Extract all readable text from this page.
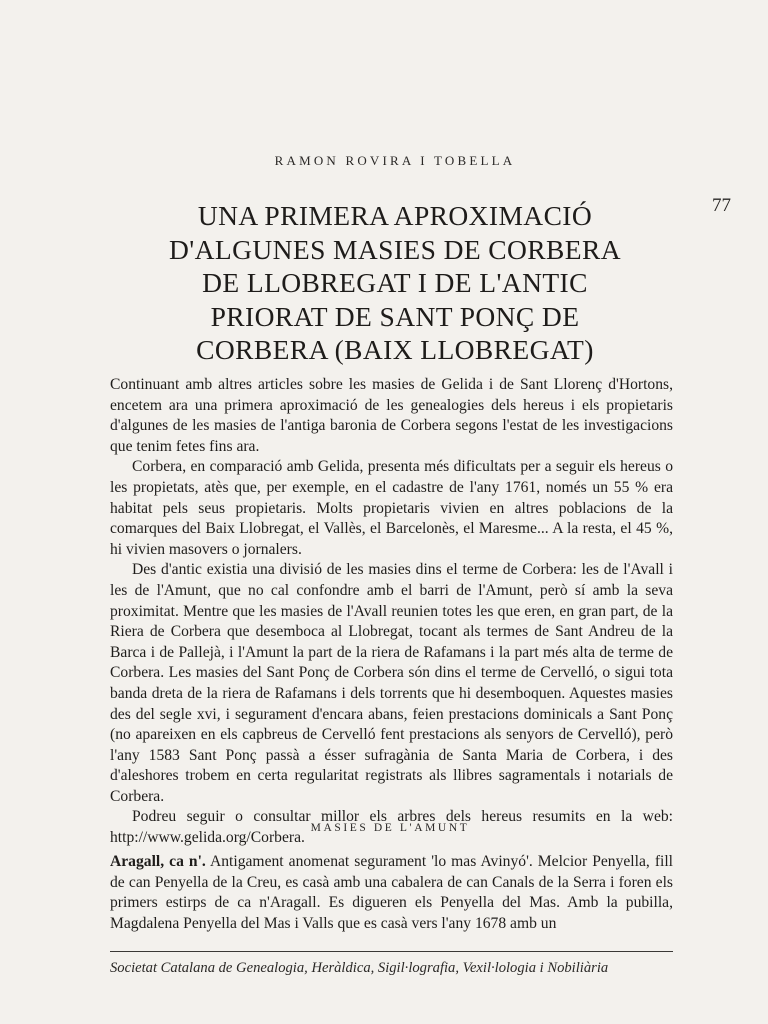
RAMON ROVIRA I TOBELLA
77
UNA PRIMERA APROXIMACIÓ
D'ALGUNES MASIES DE CORBERA
DE LLOBREGAT I DE L'ANTIC
PRIORAT DE SANT PONÇ DE
CORBERA (BAIX LLOBREGAT)

Continuant amb altres articles sobre les masies de Gelida i de Sant Llorenç d'Hortons, encetem ara una primera aproximació de les genealogies dels hereus i els propietaris d'algunes de les masies de l'antiga baronia de Corbera segons l'estat de les investigacions que tenim fetes fins ara.

Corbera, en comparació amb Gelida, presenta més dificultats per a seguir els hereus o les propietats, atès que, per exemple, en el cadastre de l'any 1761, només un 55 % era habitat pels seus propietaris. Molts propietaris vivien en altres poblacions de la comarques del Baix Llobregat, el Vallès, el Barcelonès, el Maresme... A la resta, el 45 %, hi vivien masovers o jornalers.

Des d'antic existia una divisió de les masies dins el terme de Corbera: les de l'Avall i les de l'Amunt, que no cal confondre amb el barri de l'Amunt, però sí amb la seva proximitat. Mentre que les masies de l'Avall reunien totes les que eren, en gran part, de la Riera de Corbera que desemboca al Llobregat, tocant als termes de Sant Andreu de la Barca i de Pallejà, i l'Amunt la part de la riera de Rafamans i la part més alta de terme de Corbera. Les masies del Sant Ponç de Corbera són dins el terme de Cervelló, o sigui tota banda dreta de la riera de Rafamans i dels torrents que hi desemboquen. Aquestes masies des del segle xvi, i segurament d'encara abans, feien prestacions dominicals a Sant Ponç (no apareixen en els capbreus de Cervelló fent prestacions als senyors de Cervelló), però l'any 1583 Sant Ponç passà a ésser sufragània de Santa Maria de Corbera, i des d'aleshores trobem en certa regularitat registrats als llibres sagramentals i notarials de Corbera.

Podreu seguir o consultar millor els arbres dels hereus resumits en la web: http://www.gelida.org/Corbera.

MASIES DE L'AMUNT
Aragall, ca n'. Antigament anomenat segurament 'lo mas Avinyó'. Melcior Penyella, fill de can Penyella de la Creu, es casà amb una cabalera de can Canals de la Serra i foren els primers estirps de ca n'Aragall. Es digueren els Penyella del Mas. Amb la pubilla, Magdalena Penyella del Mas i Valls que es casà vers l'any 1678 amb un
Societat Catalana de Genealogia, Heràldica, Sigil·lografia, Vexil·lologia i Nobiliària
